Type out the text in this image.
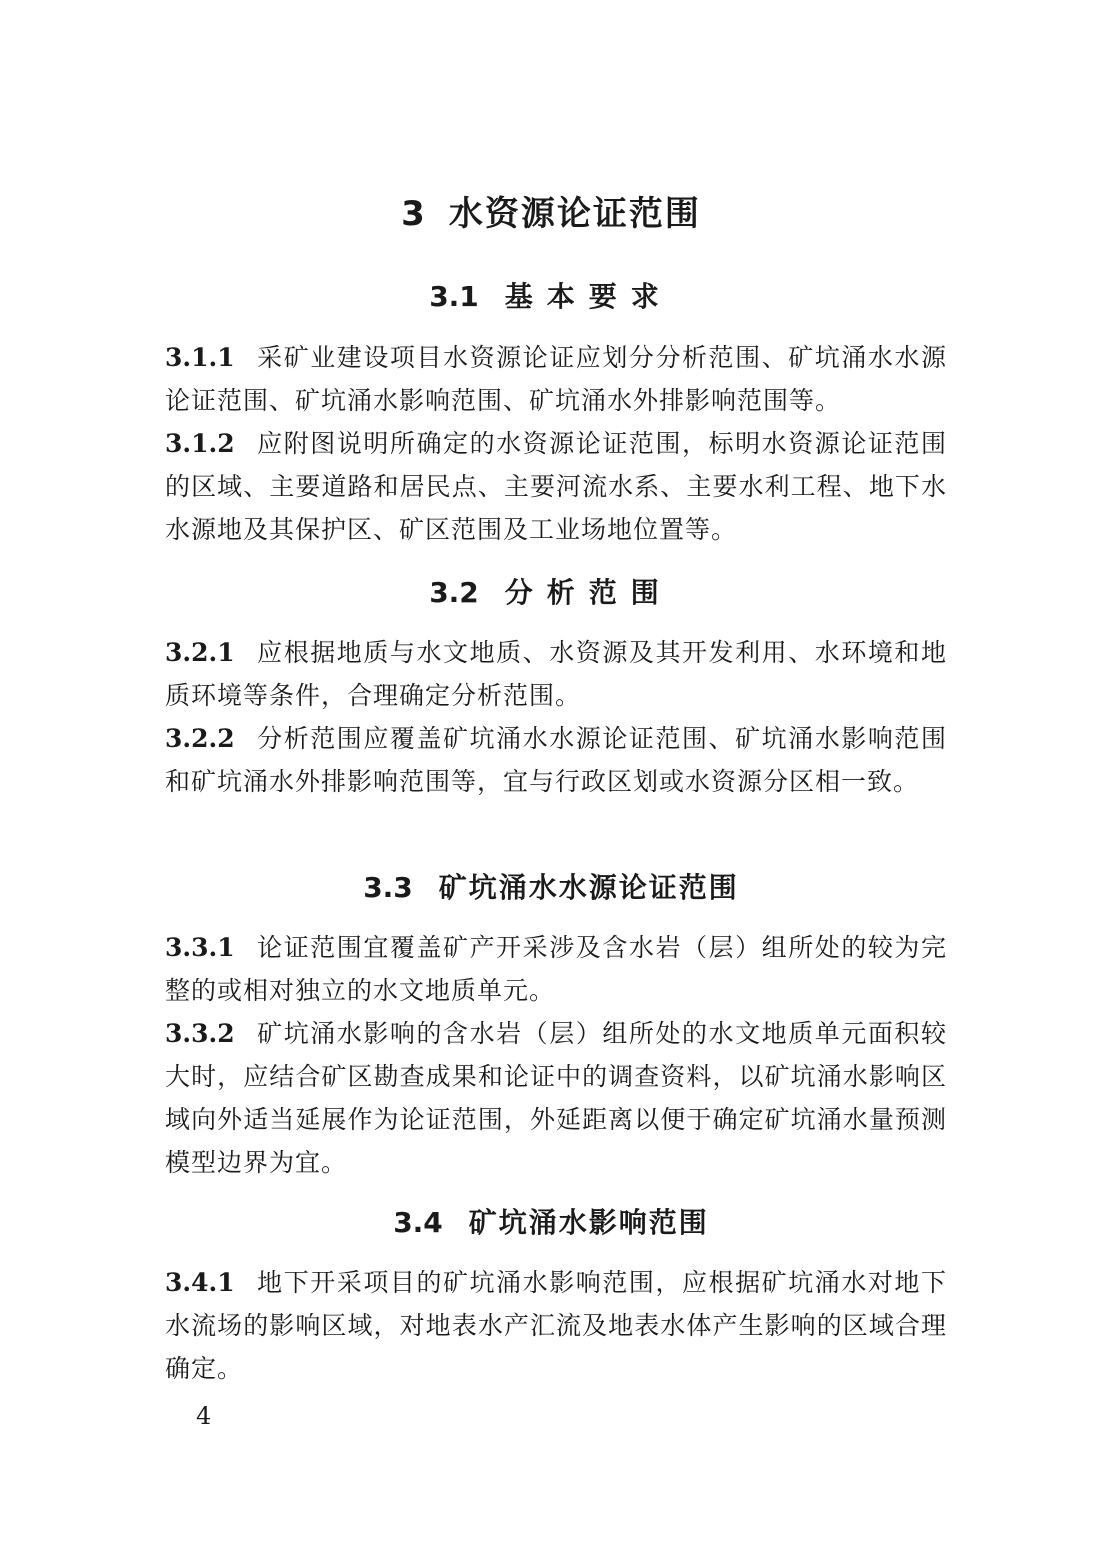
3 水资源论证范围
3.1 基本要求
3.1.1 采矿业建设项目水资源论证应划分分析范围、矿坑涌水水源论证范围、矿坑涌水影响范围、矿坑涌水外排影响范围等。
3.1.2 应附图说明所确定的水资源论证范围，标明水资源论证范围的区域、主要道路和居民点、主要河流水系、主要水利工程、地下水水源地及其保护区、矿区范围及工业场地位置等。
3.2 分析范围
3.2.1 应根据地质与水文地质、水资源及其开发利用、水环境和地质环境等条件，合理确定分析范围。
3.2.2 分析范围应覆盖矿坑涌水水源论证范围、矿坑涌水影响范围和矿坑涌水外排影响范围等，宜与行政区划或水资源分区相一致。
3.3 矿坑涌水水源论证范围
3.3.1 论证范围宜覆盖矿产开采涉及含水岩（层）组所处的较为完整的或相对独立的水文地质单元。
3.3.2 矿坑涌水影响的含水岩（层）组所处的水文地质单元面积较大时，应结合矿区勘查成果和论证中的调查资料，以矿坑涌水影响区域向外适当延展作为论证范围，外延距离以便于确定矿坑涌水量预测模型边界为宜。
3.4 矿坑涌水影响范围
3.4.1 地下开采项目的矿坑涌水影响范围，应根据矿坑涌水对地下水流场的影响区域，对地表水产汇流及地表水体产生影响的区域合理确定。
4
